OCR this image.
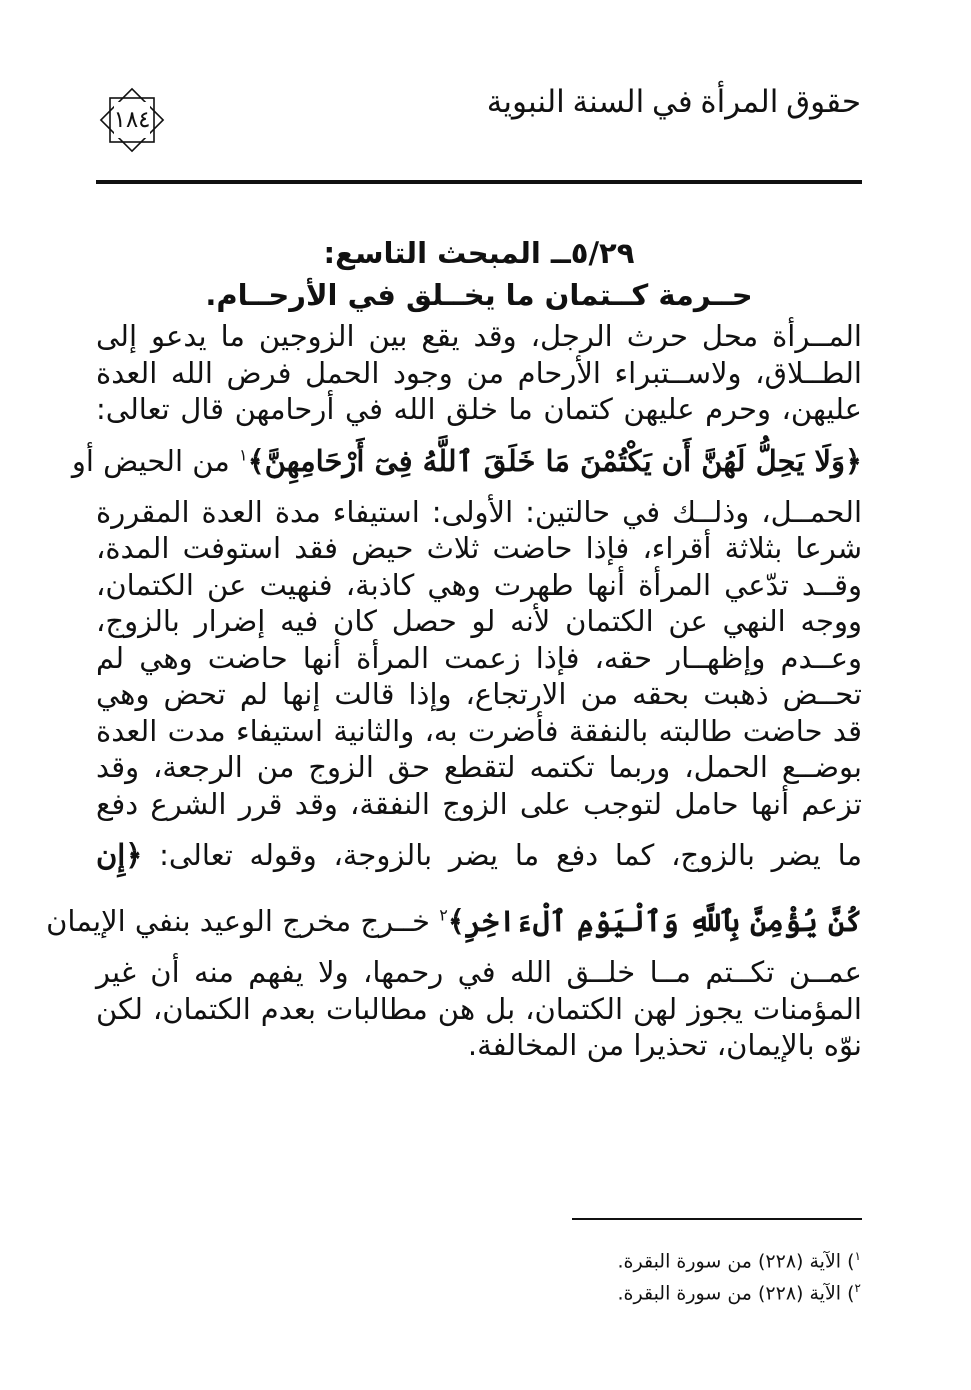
حقوق المرأة في السنة النبوية
١٨٤
٥/٢٩ــ المبحث التاسع:
حــرمة كــتمان ما يخــلق في الأرحــام.
المــرأة محل حرث الرجل، وقد يقع بين الزوجين ما يدعو إلى
الطــلاق، ولاســتبراء الأرحام من وجود الحمل فرض الله العدة
عليهن، وحرم عليهن كتمان ما خلق الله في أرحامهن قال تعالى:
﴿وَلَا يَحِلُّ لَهُنَّ أَن يَكْتُمْنَ مَا خَلَقَ ٱللَّهُ فِىٓ أَرْحَامِهِنَّ﴾$^١$ من الحيض أو
الحمــل، وذلــك في حالتين: الأولى: استيفاء مدة العدة المقررة
شرعا بثلاثة أقراء، فإذا حاضت ثلاث حيض فقد استوفت المدة،
وقــد تدّعي المرأة أنها طهرت وهي كاذبة، فنهيت عن الكتمان،
ووجه النهي عن الكتمان لأنه لو حصل كان فيه إضرار بالزوج،
وعــدم وإظهــار حقه، فإذا زعمت المرأة أنها حاضت وهي لم
تحــض ذهبت بحقه من الارتجاع، وإذا قالت إنها لم تحض وهي
قد حاضت طالبته بالنفقة فأضرت به، والثانية استيفاء مدت العدة
بوضــع الحمل، وربما تكتمه لتقطع حق الزوج من الرجعة، وقد
تزعم أنها حامل لتوجب على الزوج النفقة، وقد قرر الشرع دفع
ما يضر بالزوج، كما دفع ما يضر بالزوجة، وقوله تعالى: ﴿إِن
كُنَّ يُؤْمِنَّ بِٱللَّهِ وَٱلْيَوْمِ ٱلْءَاخِرِ﴾$^٢$ خــرج مخرج الوعيد بنفي الإيمان
عمــن تكــتم مــا خلــق الله في رحمها، ولا يفهم منه أن غير
المؤمنات يجوز لهن الكتمان، بل هن مطالبات بعدم الكتمان، لكن
نوّه بالإيمان، تحذيرا من المخالفة.
$^١$) الآية (٢٢٨) من سورة البقرة.
$^٢$) الآية (٢٢٨) من سورة البقرة.
